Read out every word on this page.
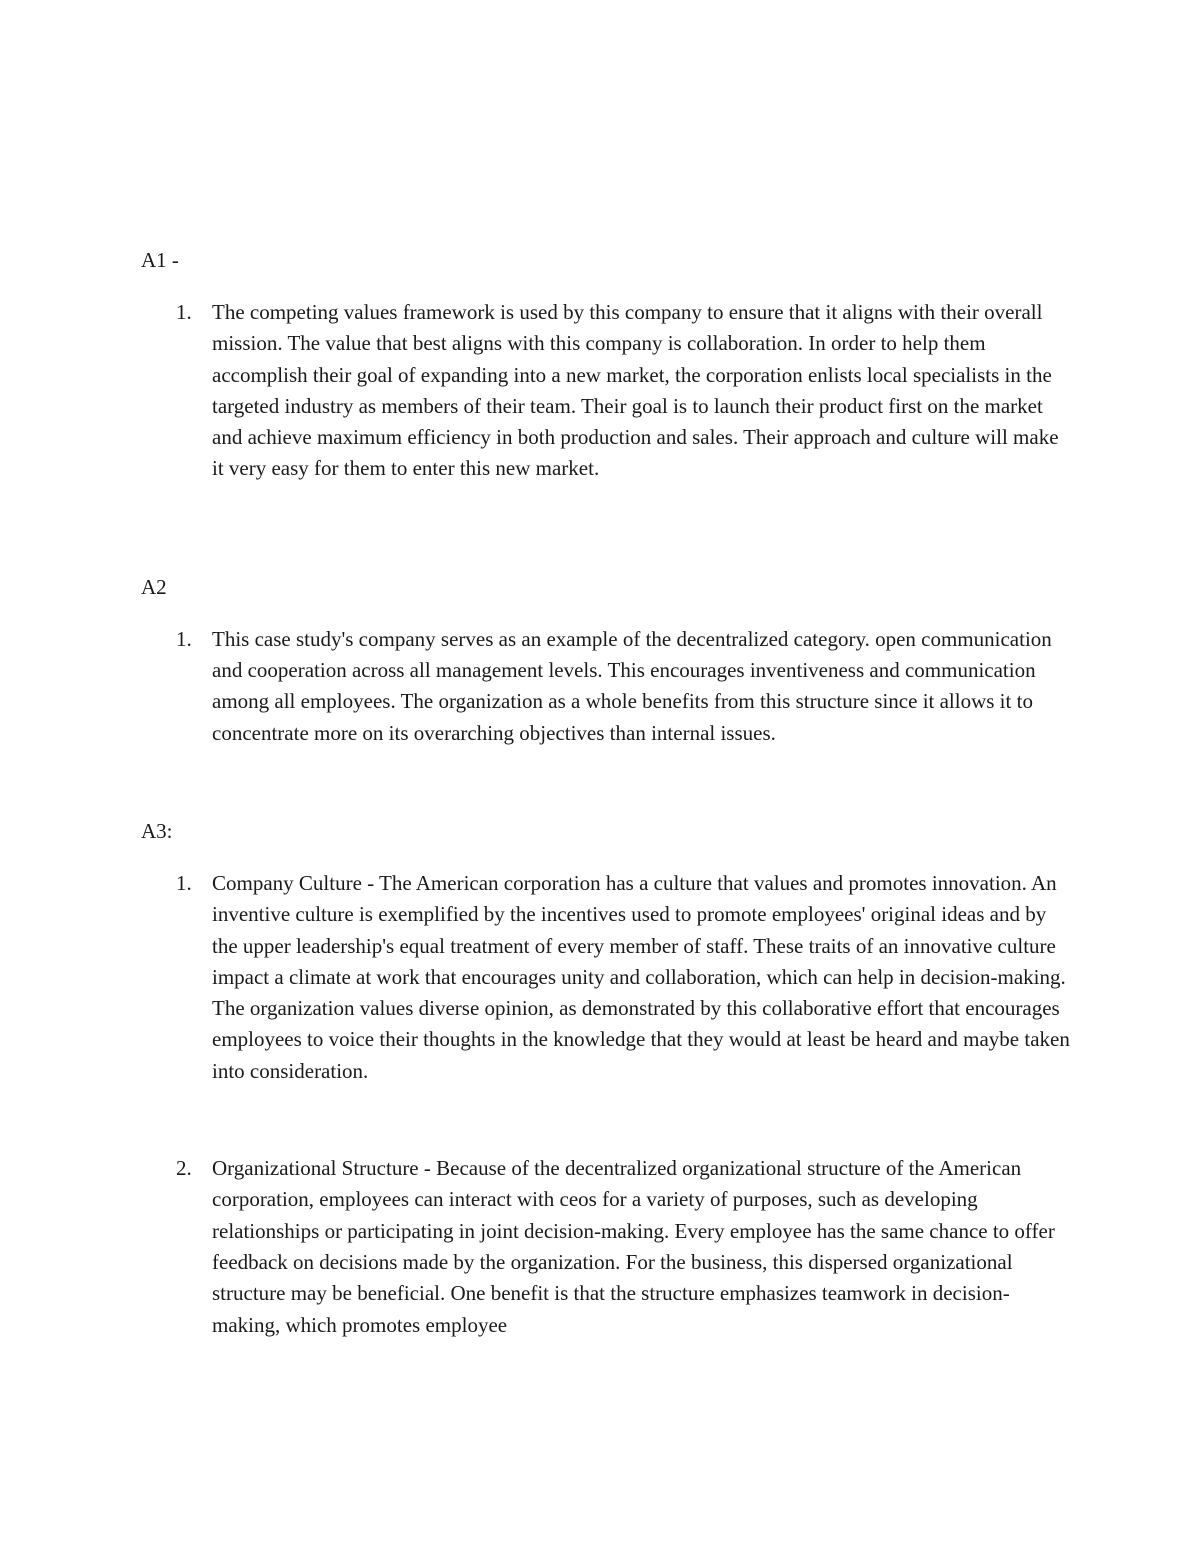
A1 -
1. The competing values framework is used by this company to ensure that it aligns with their overall mission. The value that best aligns with this company is collaboration. In order to help them accomplish their goal of expanding into a new market, the corporation enlists local specialists in the targeted industry as members of their team. Their goal is to launch their product first on the market and achieve maximum efficiency in both production and sales. Their approach and culture will make it very easy for them to enter this new market.
A2
1. This case study's company serves as an example of the decentralized category. open communication and cooperation across all management levels. This encourages inventiveness and communication among all employees. The organization as a whole benefits from this structure since it allows it to concentrate more on its overarching objectives than internal issues.
A3:
1. Company Culture - The American corporation has a culture that values and promotes innovation. An inventive culture is exemplified by the incentives used to promote employees' original ideas and by the upper leadership's equal treatment of every member of staff. These traits of an innovative culture impact a climate at work that encourages unity and collaboration, which can help in decision-making. The organization values diverse opinion, as demonstrated by this collaborative effort that encourages employees to voice their thoughts in the knowledge that they would at least be heard and maybe taken into consideration.
2. Organizational Structure - Because of the decentralized organizational structure of the American corporation, employees can interact with ceos for a variety of purposes, such as developing relationships or participating in joint decision-making. Every employee has the same chance to offer feedback on decisions made by the organization. For the business, this dispersed organizational structure may be beneficial. One benefit is that the structure emphasizes teamwork in decision-making, which promotes employee
